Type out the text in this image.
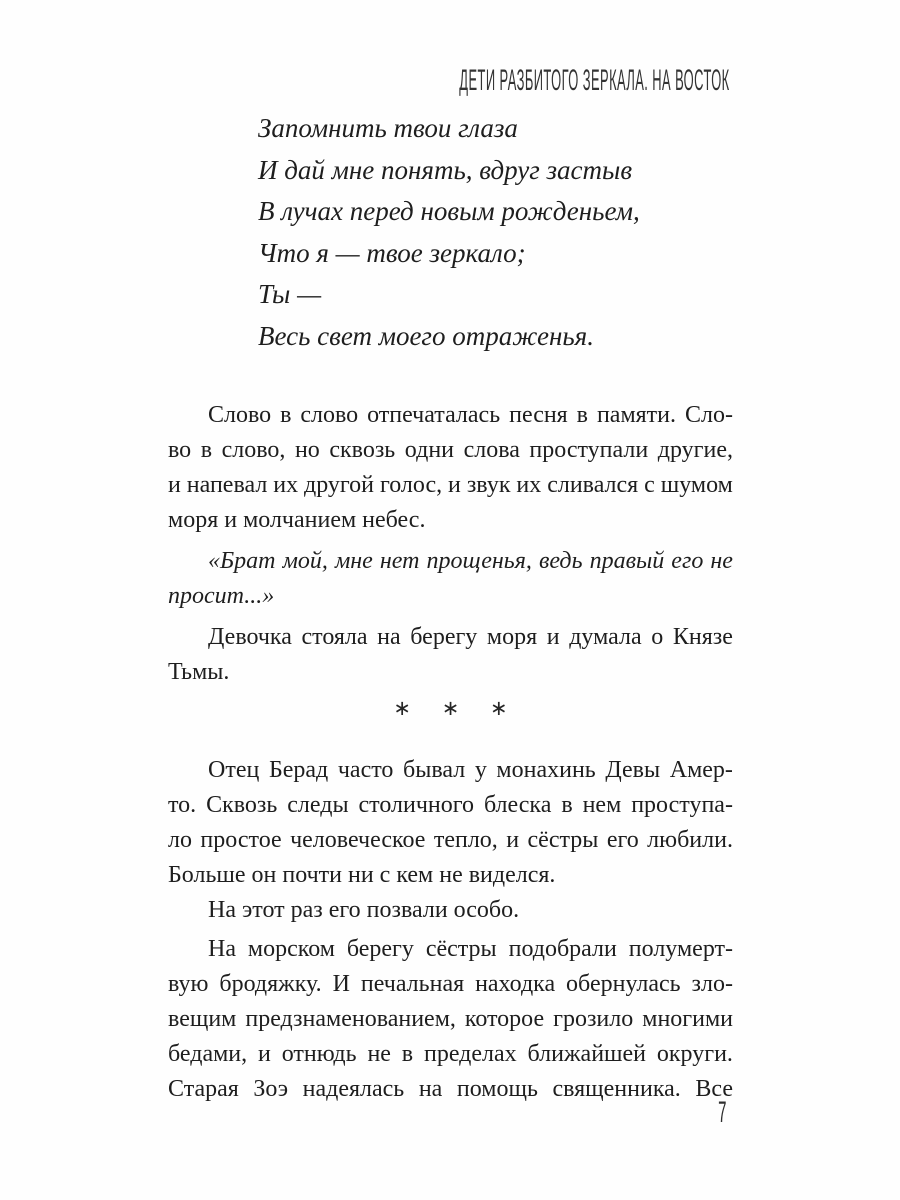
ДЕТИ РАЗБИТОГО ЗЕРКАЛА. НА ВОСТОК
Запомнить твои глаза
И дай мне понять, вдруг застыв
В лучах перед новым рожденьем,
Что я — твое зеркало;
Ты —
Весь свет моего отраженья.
Слово в слово отпечаталась песня в памяти. Сло-
во в слово, но сквозь одни слова проступали другие,
и напевал их другой голос, и звук их сливался с шумом
моря и молчанием небес.
«Брат мой, мне нет прощенья, ведь правый его не
просит...»
Девочка стояла на берегу моря и думала о Князе
Тьмы.
∗ ∗ ∗
Отец Берад часто бывал у монахинь Девы Амер-
то. Сквозь следы столичного блеска в нем проступа-
ло простое человеческое тепло, и сёстры его любили.
Больше он почти ни с кем не виделся.
На этот раз его позвали особо.
На морском берегу сёстры подобрали полумерт-
вую бродяжку. И печальная находка обернулась зло-
вещим предзнаменованием, которое грозило многими
бедами, и отнюдь не в пределах ближайшей округи.
Старая Зоэ надеялась на помощь священника. Все
7
